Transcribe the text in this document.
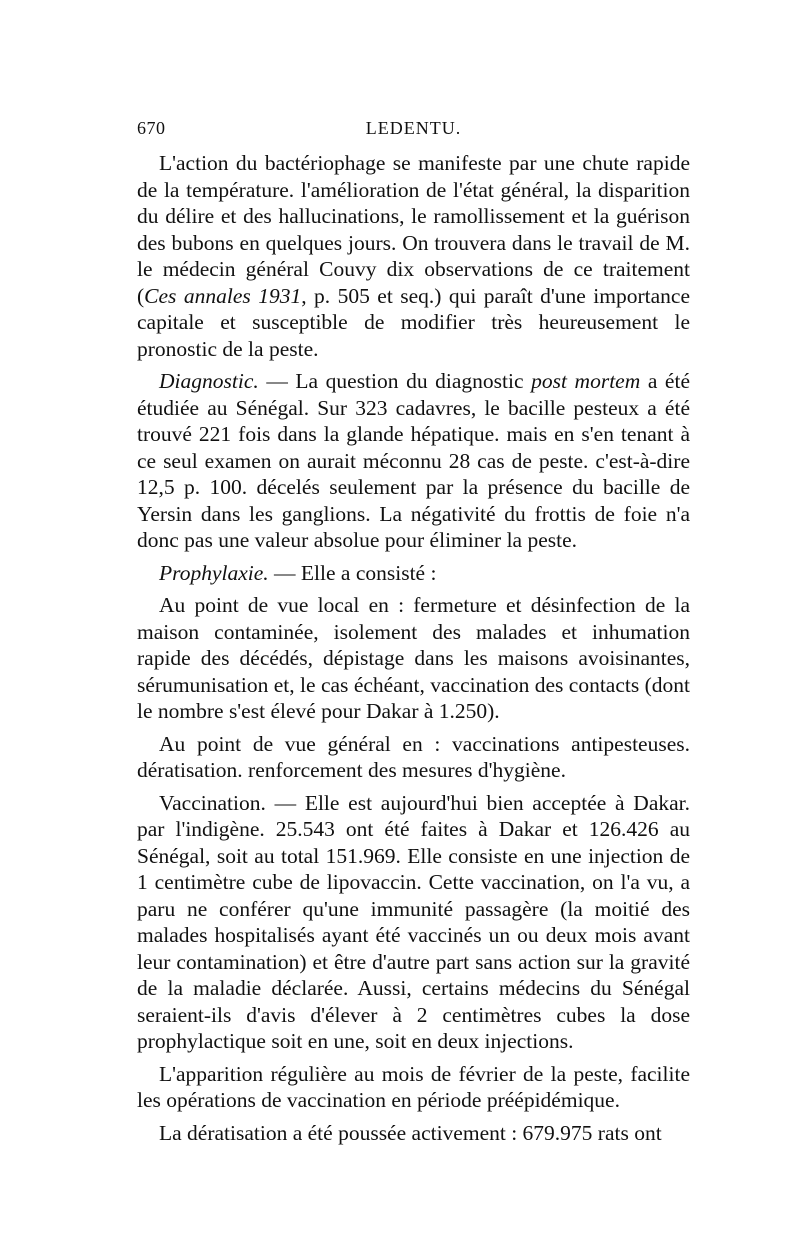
670	LEDENTU.

L'action du bactériophage se manifeste par une chute rapide de la température. l'amélioration de l'état général, la disparition du délire et des hallucinations, le ramollissement et la guérison des bubons en quelques jours. On trouvera dans le travail de M. le médecin général Couvy dix observations de ce traitement (Ces annales 1931, p. 505 et seq.) qui paraît d'une importance capitale et susceptible de modifier très heureusement le pronostic de la peste.

Diagnostic. — La question du diagnostic post mortem a été étudiée au Sénégal. Sur 323 cadavres, le bacille pesteux a été trouvé 221 fois dans la glande hépatique. mais en s'en tenant à ce seul examen on aurait méconnu 28 cas de peste. c'est-à-dire 12,5 p. 100. décelés seulement par la présence du bacille de Yersin dans les ganglions. La négativité du frottis de foie n'a donc pas une valeur absolue pour éliminer la peste.

Prophylaxie. — Elle a consisté :

Au point de vue local en : fermeture et désinfection de la maison contaminée, isolement des malades et inhumation rapide des décédés, dépistage dans les maisons avoisinantes, sérumunisation et, le cas échéant, vaccination des contacts (dont le nombre s'est élevé pour Dakar à 1.250).

Au point de vue général en : vaccinations antipesteuses. dératisation. renforcement des mesures d'hygiène.

Vaccination. — Elle est aujourd'hui bien acceptée à Dakar. par l'indigène. 25.543 ont été faites à Dakar et 126.426 au Sénégal, soit au total 151.969. Elle consiste en une injection de 1 centimètre cube de lipovaccin. Cette vaccination, on l'a vu, a paru ne conférer qu'une immunité passagère (la moitié des malades hospitalisés ayant été vaccinés un ou deux mois avant leur contamination) et être d'autre part sans action sur la gravité de la maladie déclarée. Aussi, certains médecins du Sénégal seraient-ils d'avis d'élever à 2 centimètres cubes la dose prophylactique soit en une, soit en deux injections.

L'apparition régulière au mois de février de la peste, facilite les opérations de vaccination en période préépidémique.

La dératisation a été poussée activement : 679.975 rats ont
